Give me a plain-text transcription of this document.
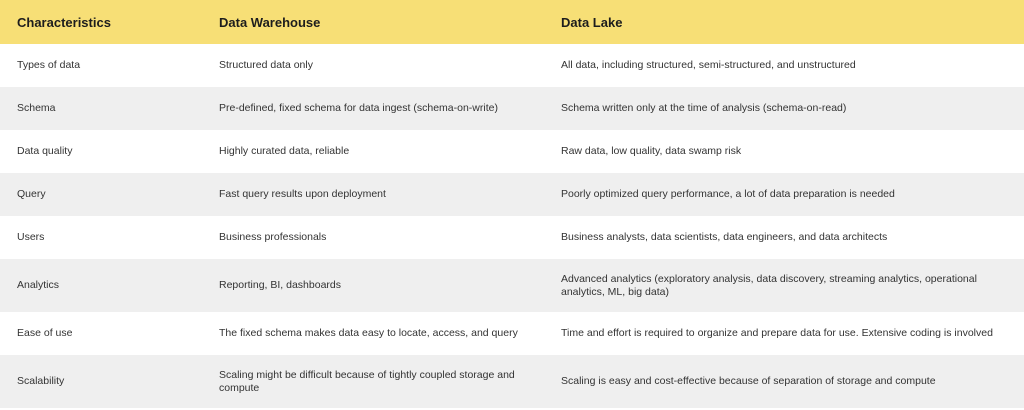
Characteristics	Data Warehouse	Data Lake
Types of data	Structured data only	All data, including structured, semi-structured, and unstructured
Schema	Pre-defined, fixed schema for data ingest (schema-on-write)	Schema written only at the time of analysis (schema-on-read)
Data quality	Highly curated data, reliable	Raw data, low quality, data swamp risk
Query	Fast query results upon deployment	Poorly optimized query performance, a lot of data preparation is needed
Users	Business professionals	Business analysts, data scientists, data engineers, and data architects
Analytics	Reporting, BI, dashboards	Advanced analytics (exploratory analysis, data discovery, streaming analytics, operational analytics, ML, big data)
Ease of use	The fixed schema makes data easy to locate, access, and query	Time and effort is required to organize and prepare data for use. Extensive coding is involved
Scalability	Scaling might be difficult because of tightly coupled storage and compute	Scaling is easy and cost-effective because of separation of storage and compute
